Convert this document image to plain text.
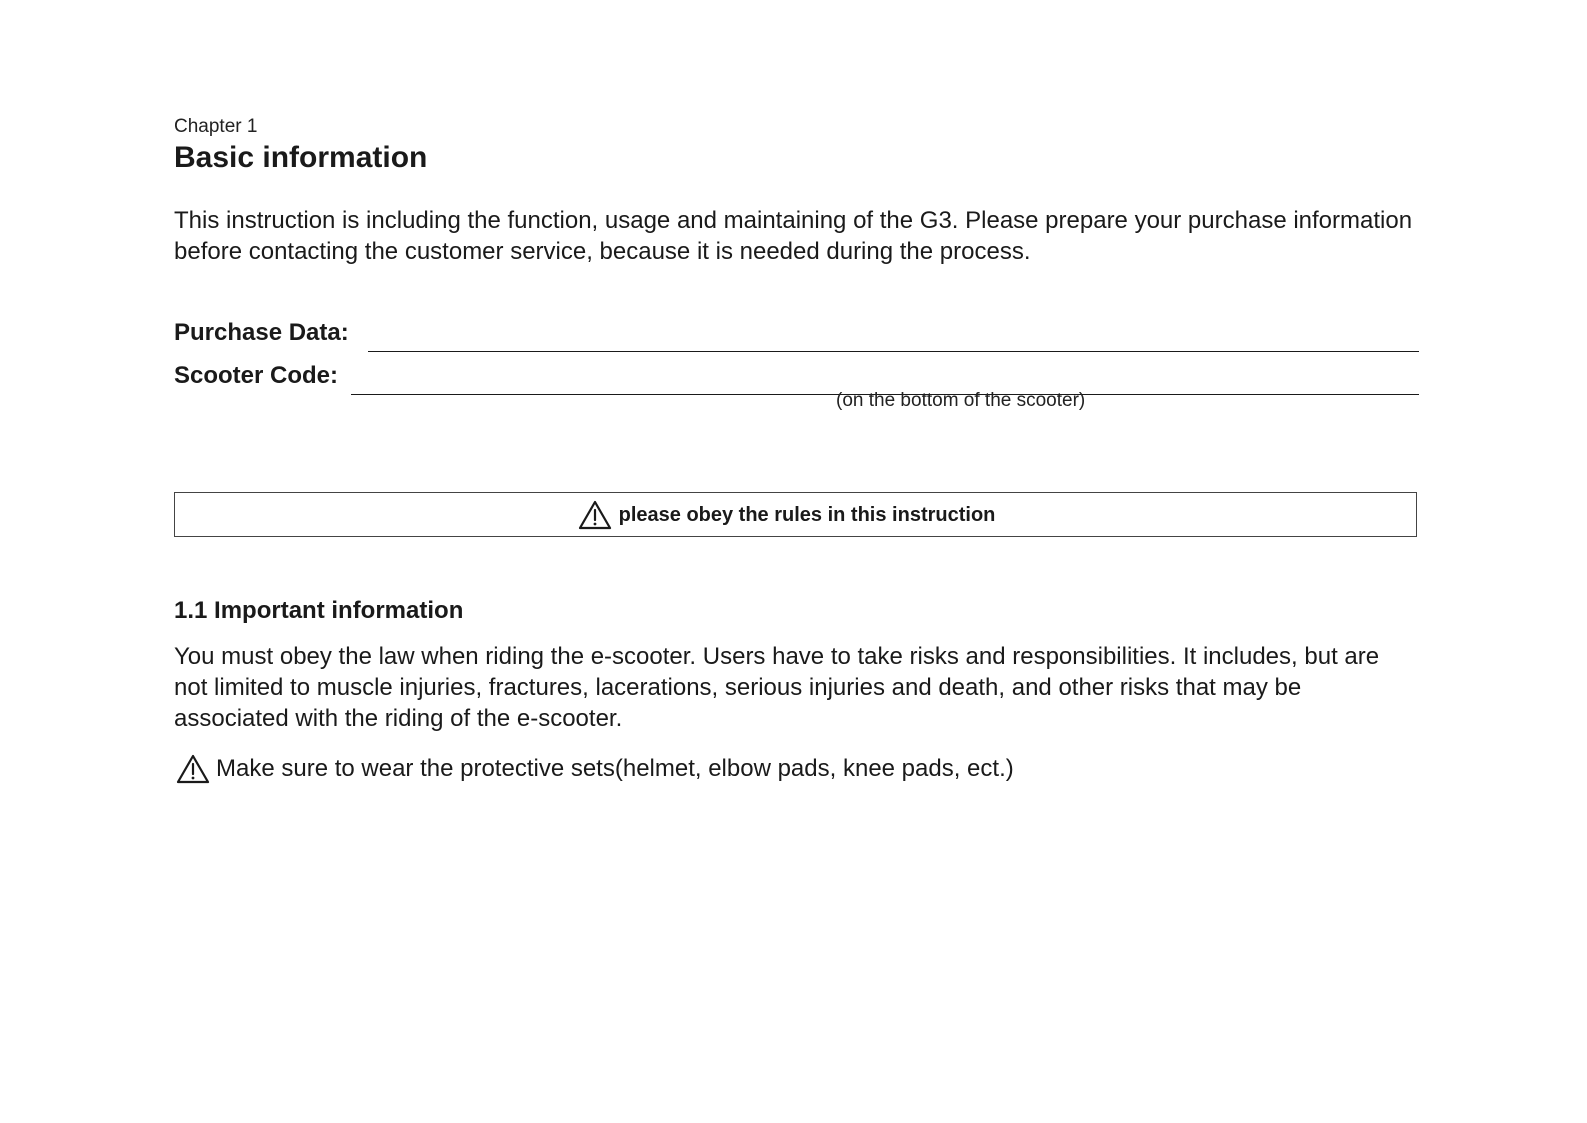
Chapter 1
Basic information

This instruction is including the function, usage and maintaining of the G3. Please prepare your purchase information before contacting the customer service, because it is needed during the process.

Purchase Data:
Scooter Code:
(on the bottom of the scooter)
please obey the rules in this instruction
1.1 Important information

You must obey the law when riding the e-scooter. Users have to take risks and responsibilities. It includes, but are not limited to muscle injuries, fractures, lacerations, serious injuries and death, and other risks that may be associated with the riding of the e-scooter.

Make sure to wear the protective sets(helmet, elbow pads, knee pads, ect.)
